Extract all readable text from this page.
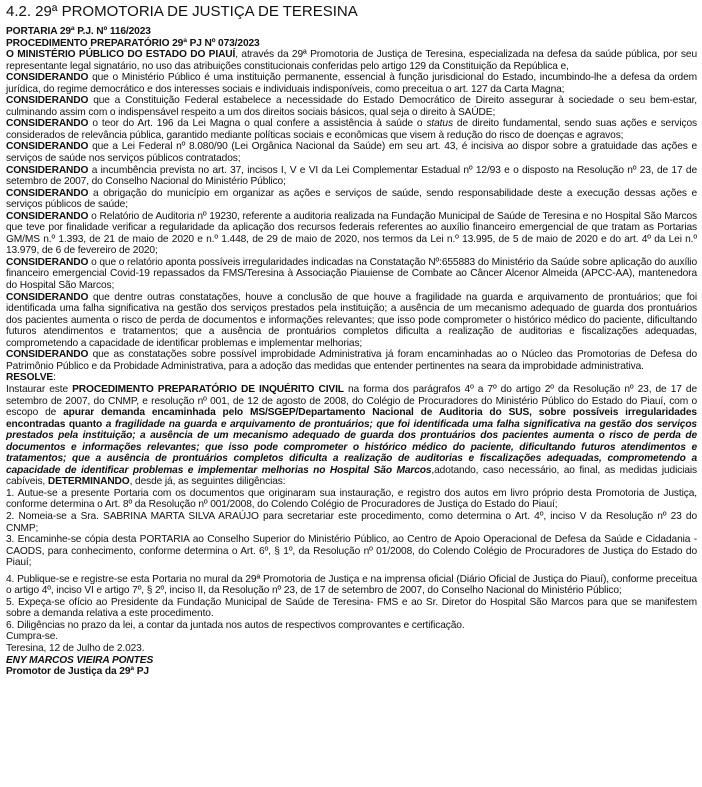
4.2. 29ª PROMOTORIA DE JUSTIÇA DE TERESINA
PORTARIA 29ª P.J. Nº 116/2023
PROCEDIMENTO PREPARATÓRIO 29ª PJ Nº 073/2023

O MINISTÉRIO PÚBLICO DO ESTADO DO PIAUÍ, através da 29ª Promotoria de Justiça de Teresina, especializada na defesa da saúde pública, por seu representante legal signatário, no uso das atribuições constitucionais conferidas pelo artigo 129 da Constituição da República e,

CONSIDERANDO que o Ministério Público é uma instituição permanente, essencial à função jurisdicional do Estado, incumbindo-lhe a defesa da ordem jurídica, do regime democrático e dos interesses sociais e individuais indisponíveis, como preceitua o art. 127 da Carta Magna;

CONSIDERANDO que a Constituição Federal estabelece a necessidade do Estado Democrático de Direito assegurar à sociedade o seu bem-estar, culminando assim com o indispensável respeito a um dos direitos sociais básicos, qual seja o direito à SAÚDE;

CONSIDERANDO o teor do Art. 196 da Lei Magna o qual confere a assistência à saúde o status de direito fundamental, sendo suas ações e serviços considerados de relevância pública, garantido mediante políticas sociais e econômicas que visem à redução do risco de doenças e agravos;

CONSIDERANDO que a Lei Federal nº 8.080/90 (Lei Orgânica Nacional da Saúde) em seu art. 43, é incisiva ao dispor sobre a gratuidade das ações e serviços de saúde nos serviços públicos contratados;

CONSIDERANDO a incumbência prevista no art. 37, incisos I, V e VI da Lei Complementar Estadual nº 12/93 e o disposto na Resolução nº 23, de 17 de setembro de 2007, do Conselho Nacional do Ministério Público;

CONSIDERANDO a obrigação do município em organizar as ações e serviços de saúde, sendo responsabilidade deste a execução dessas ações e serviços públicos de saúde;

CONSIDERANDO o Relatório de Auditoria nº 19230, referente a auditoria realizada na Fundação Municipal de Saúde de Teresina e no Hospital São Marcos que teve por finalidade verificar a regularidade da aplicação dos recursos federais referentes ao auxílio financeiro emergencial de que tratam as Portarias GM/MS n.º 1.393, de 21 de maio de 2020 e n.º 1.448, de 29 de maio de 2020, nos termos da Lei n.º 13.995, de 5 de maio de 2020 e do art. 4º da Lei n.º 13.979, de 6 de fevereiro de 2020;

CONSIDERANDO o que o relatório aponta possíveis irregularidades indicadas na Constatação Nº:655883 do Ministério da Saúde sobre aplicação do auxílio financeiro emergencial Covid-19 repassados da FMS/Teresina à Associação Piauiense de Combate ao Câncer Alcenor Almeida (APCC-AA), mantenedora do Hospital São Marcos;

CONSIDERANDO que dentre outras constatações, houve a conclusão de que houve a fragilidade na guarda e arquivamento de prontuários; que foi identificada uma falha significativa na gestão dos serviços prestados pela instituição; a ausência de um mecanismo adequado de guarda dos prontuários dos pacientes aumenta o risco de perda de documentos e informações relevantes; que isso pode comprometer o histórico médico do paciente, dificultando futuros atendimentos e tratamentos; que a ausência de prontuários completos dificulta a realização de auditorias e fiscalizações adequadas, comprometendo a capacidade de identificar problemas e implementar melhorias;

CONSIDERANDO que as constatações sobre possível improbidade Administrativa já foram encaminhadas ao o Núcleo das Promotorias de Defesa do Patrimônio Público e da Probidade Administrativa, para a adoção das medidas que entender pertinentes na seara da improbidade administrativa.

RESOLVE:

Instaurar este PROCEDIMENTO PREPARATÓRIO DE INQUÉRITO CIVIL na forma dos parágrafos 4º a 7º do artigo 2º da Resolução nº 23, de 17 de setembro de 2007, do CNMP, e resolução nº 001, de 12 de agosto de 2008, do Colégio de Procuradores do Ministério Público do Estado do Piauí, com o escopo de apurar demanda encaminhada pelo MS/SGEP/Departamento Nacional de Auditoria do SUS, sobre possíveis irregularidades encontradas quanto a fragilidade na guarda e arquivamento de prontuários; que foi identificada uma falha significativa na gestão dos serviços prestados pela instituição; a ausência de um mecanismo adequado de guarda dos prontuários dos pacientes aumenta o risco de perda de documentos e informações relevantes; que isso pode comprometer o histórico médico do paciente, dificultando futuros atendimentos e tratamentos; que a ausência de prontuários completos dificulta a realização de auditorias e fiscalizações adequadas, comprometendo a capacidade de identificar problemas e implementar melhorias no Hospital São Marcos,adotando, caso necessário, ao final, as medidas judiciais cabíveis, DETERMINANDO, desde já, as seguintes diligências:

1. Autue-se a presente Portaria com os documentos que originaram sua instauração, e registro dos autos em livro próprio desta Promotoria de Justiça, conforme determina o Art. 8º da Resolução nº 001/2008, do Colendo Colégio de Procuradores de Justiça do Estado do Piauí;

2. Nomeia-se a Sra. SABRINA MARTA SILVA ARAÚJO para secretariar este procedimento, como determina o Art. 4º, inciso V da Resolução nº 23 do CNMP;

3. Encaminhe-se cópia desta PORTARIA ao Conselho Superior do Ministério Público, ao Centro de Apoio Operacional de Defesa da Saúde e Cidadania - CAODS, para conhecimento, conforme determina o Art. 6º, § 1º, da Resolução nº 01/2008, do Colendo Colégio de Procuradores de Justiça do Estado do Piauí;

4. Publique-se e registre-se esta Portaria no mural da 29ª Promotoria de Justiça e na imprensa oficial (Diário Oficial de Justiça do Piauí), conforme preceitua o artigo 4º, inciso VI e artigo 7º, § 2º, inciso II, da Resolução nº 23, de 17 de setembro de 2007, do Conselho Nacional do Ministério Público;

5. Expeça-se ofício ao Presidente da Fundação Municipal de Saúde de Teresina- FMS e ao Sr. Diretor do Hospital São Marcos para que se manifestem sobre a demanda relativa a este procedimento.

6. Diligências no prazo da lei, a contar da juntada nos autos de respectivos comprovantes e certificação.

Cumpra-se.

Teresina, 12 de Julho de 2.023.

ENY MARCOS VIEIRA PONTES
Promotor de Justiça da 29ª PJ
